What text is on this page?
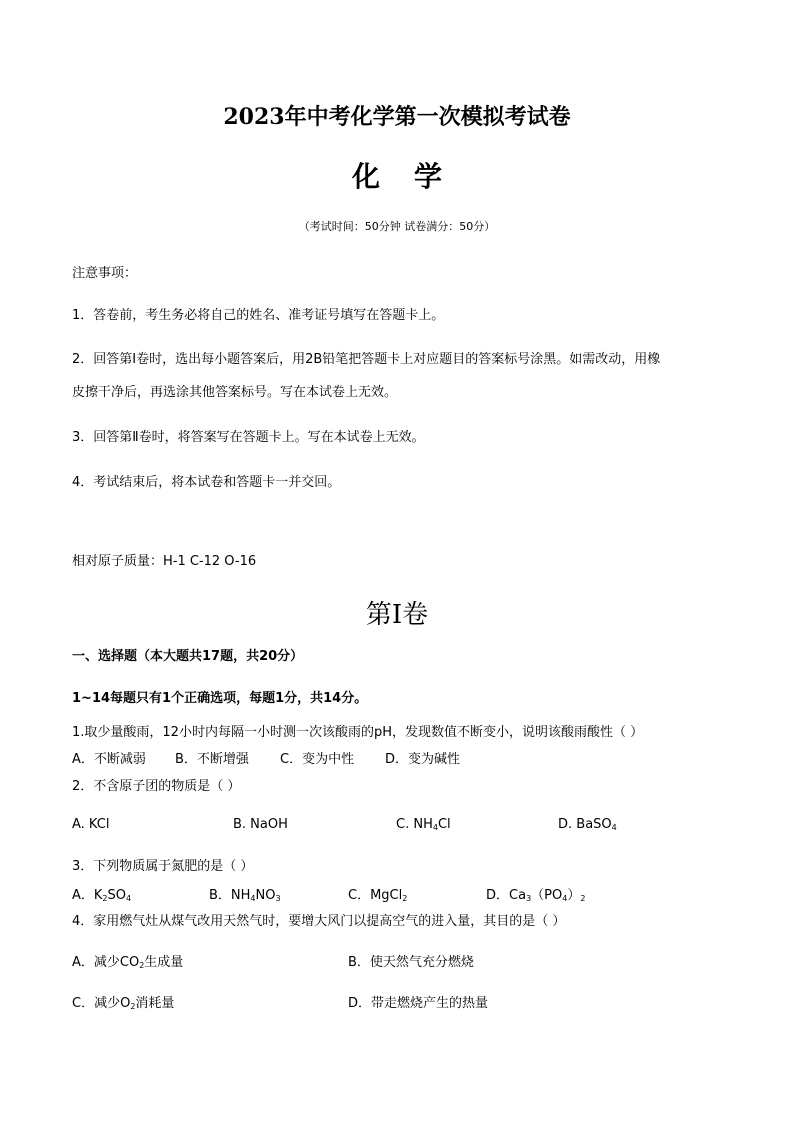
2023年中考化学第一次模拟考试卷
化学
（考试时间：50分钟 试卷满分：50分）
注意事项：
1．答卷前，考生务必将自己的姓名、准考证号填写在答题卡上。
2．回答第Ⅰ卷时，选出每小题答案后，用2B铅笔把答题卡上对应题目的答案标号涂黑。如需改动，用橡
皮擦干净后，再选涂其他答案标号。写在本试卷上无效。
3．回答第Ⅱ卷时，将答案写在答题卡上。写在本试卷上无效。
4．考试结束后，将本试卷和答题卡一并交回。
相对原子质量：H-1 C-12 O-16
第Ⅰ卷
一、选择题（本大题共17题，共20分）
1~14每题只有1个正确选项，每题1分，共14分。
1.取少量酸雨，12小时内每隔一小时测一次该酸雨的pH，发现数值不断变小，说明该酸雨酸性（ ）
A．不断减弱 B．不断增强 C．变为中性 D．变为碱性
2．不含原子团的物质是（ ）
A. KCl	B. NaOH	C. $NH_4Cl$	D. BaSO$_4$
3．下列物质属于氮肥的是（ ）
A．$K_2SO_4$	B．$NH_4NO_3$	C．MgCl$_2$	D．$Ca_3(PO_4)_2$
4．家用燃气灶从煤气改用天然气时，要增大风门以提高空气的进入量，其目的是（ ）
A．减少$CO_2$生成量	B．使天然气充分燃烧
C．减少$O_2$消耗量	D．带走燃烧产生的热量
